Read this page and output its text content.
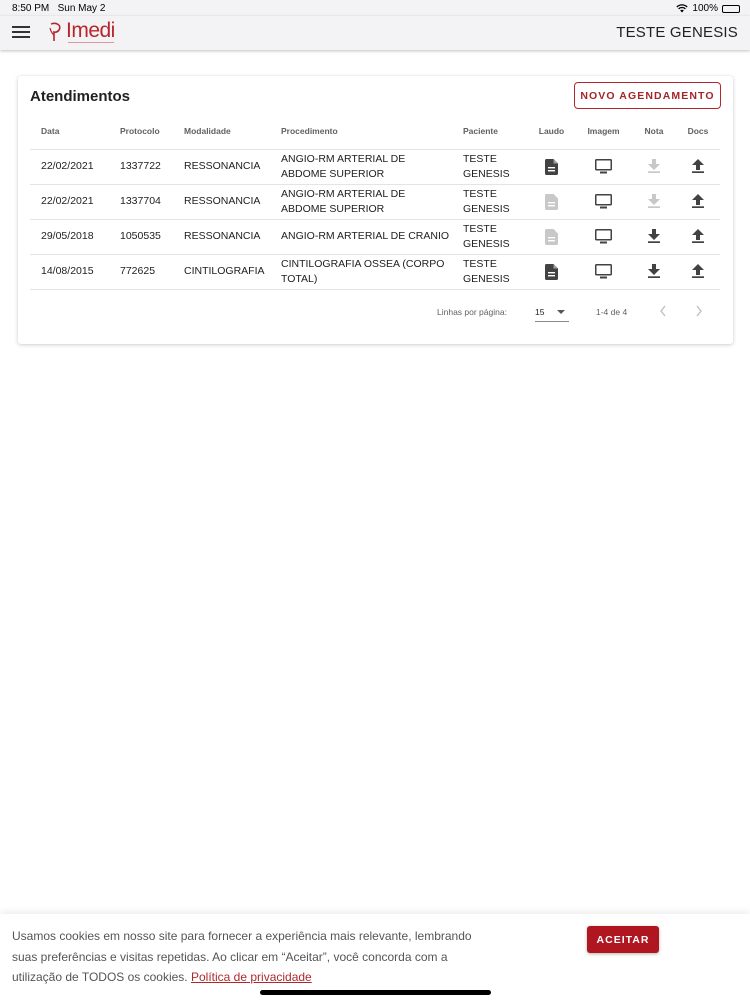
8:50 PM Sun May 2	100%
Imedi	TESTE GENESIS
Atendimentos	NOVO AGENDAMENTO
Data	Protocolo	Modalidade	Procedimento	Paciente	Laudo	Imagem	Nota	Docs
22/02/2021	1337722	RESSONANCIA	ANGIO-RM ARTERIAL DE ABDOME SUPERIOR	TESTE GENESIS				
22/02/2021	1337704	RESSONANCIA	ANGIO-RM ARTERIAL DE ABDOME SUPERIOR	TESTE GENESIS				
29/05/2018	1050535	RESSONANCIA	ANGIO-RM ARTERIAL DE CRANIO	TESTE GENESIS				
14/08/2015	772625	CINTILOGRAFIA	CINTILOGRAFIA OSSEA (CORPO TOTAL)	TESTE GENESIS				
Linhas por página:	15	1-4 de 4
Usamos cookies em nosso site para fornecer a experiência mais relevante, lembrando suas preferências e visitas repetidas. Ao clicar em “Aceitar”, você concorda com a utilização de TODOS os cookies. Política de privacidade
ACEITAR
